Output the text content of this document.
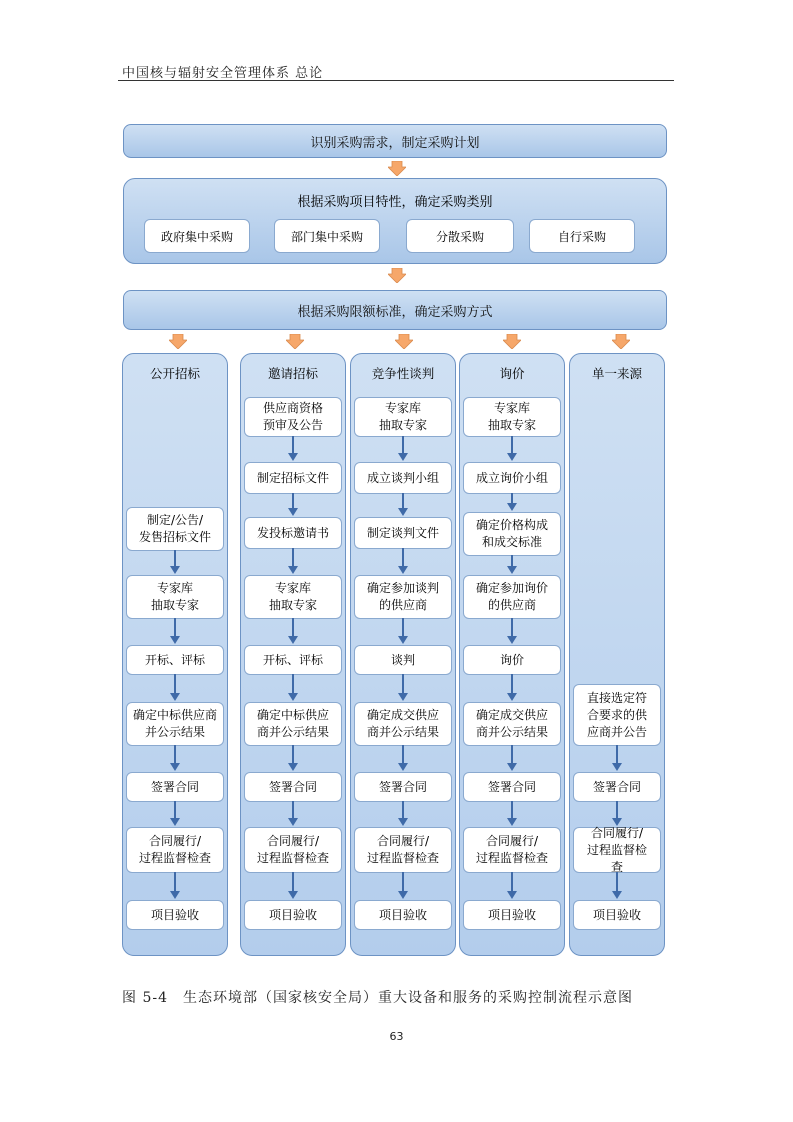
中国核与辐射安全管理体系 总论
识别采购需求，制定采购计划
根据采购项目特性，确定采购类别
政府集中采购	部门集中采购	分散采购	自行采购
根据采购限额标准，确定采购方式
公开招标
制定/公告/
发售招标文件
专家库
抽取专家
开标、评标
确定中标供应商
并公示结果
签署合同
合同履行/
过程监督检查
项目验收
邀请招标
供应商资格
预审及公告
制定招标文件
发投标邀请书
专家库
抽取专家
开标、评标
确定中标供应
商并公示结果
签署合同
合同履行/
过程监督检查
项目验收
竞争性谈判
专家库
抽取专家
成立谈判小组
制定谈判文件
确定参加谈判
的供应商
谈判
确定成交供应
商并公示结果
签署合同
合同履行/
过程监督检查
项目验收
询价
专家库
抽取专家
成立询价小组
确定价格构成
和成交标准
确定参加询价
的供应商
询价
确定成交供应
商并公示结果
签署合同
合同履行/
过程监督检查
项目验收
单一来源
直接选定符
合要求的供
应商并公告
签署合同
合同履行/
过程监督检
查
项目验收
图 5-4　生态环境部（国家核安全局）重大设备和服务的采购控制流程示意图
63
